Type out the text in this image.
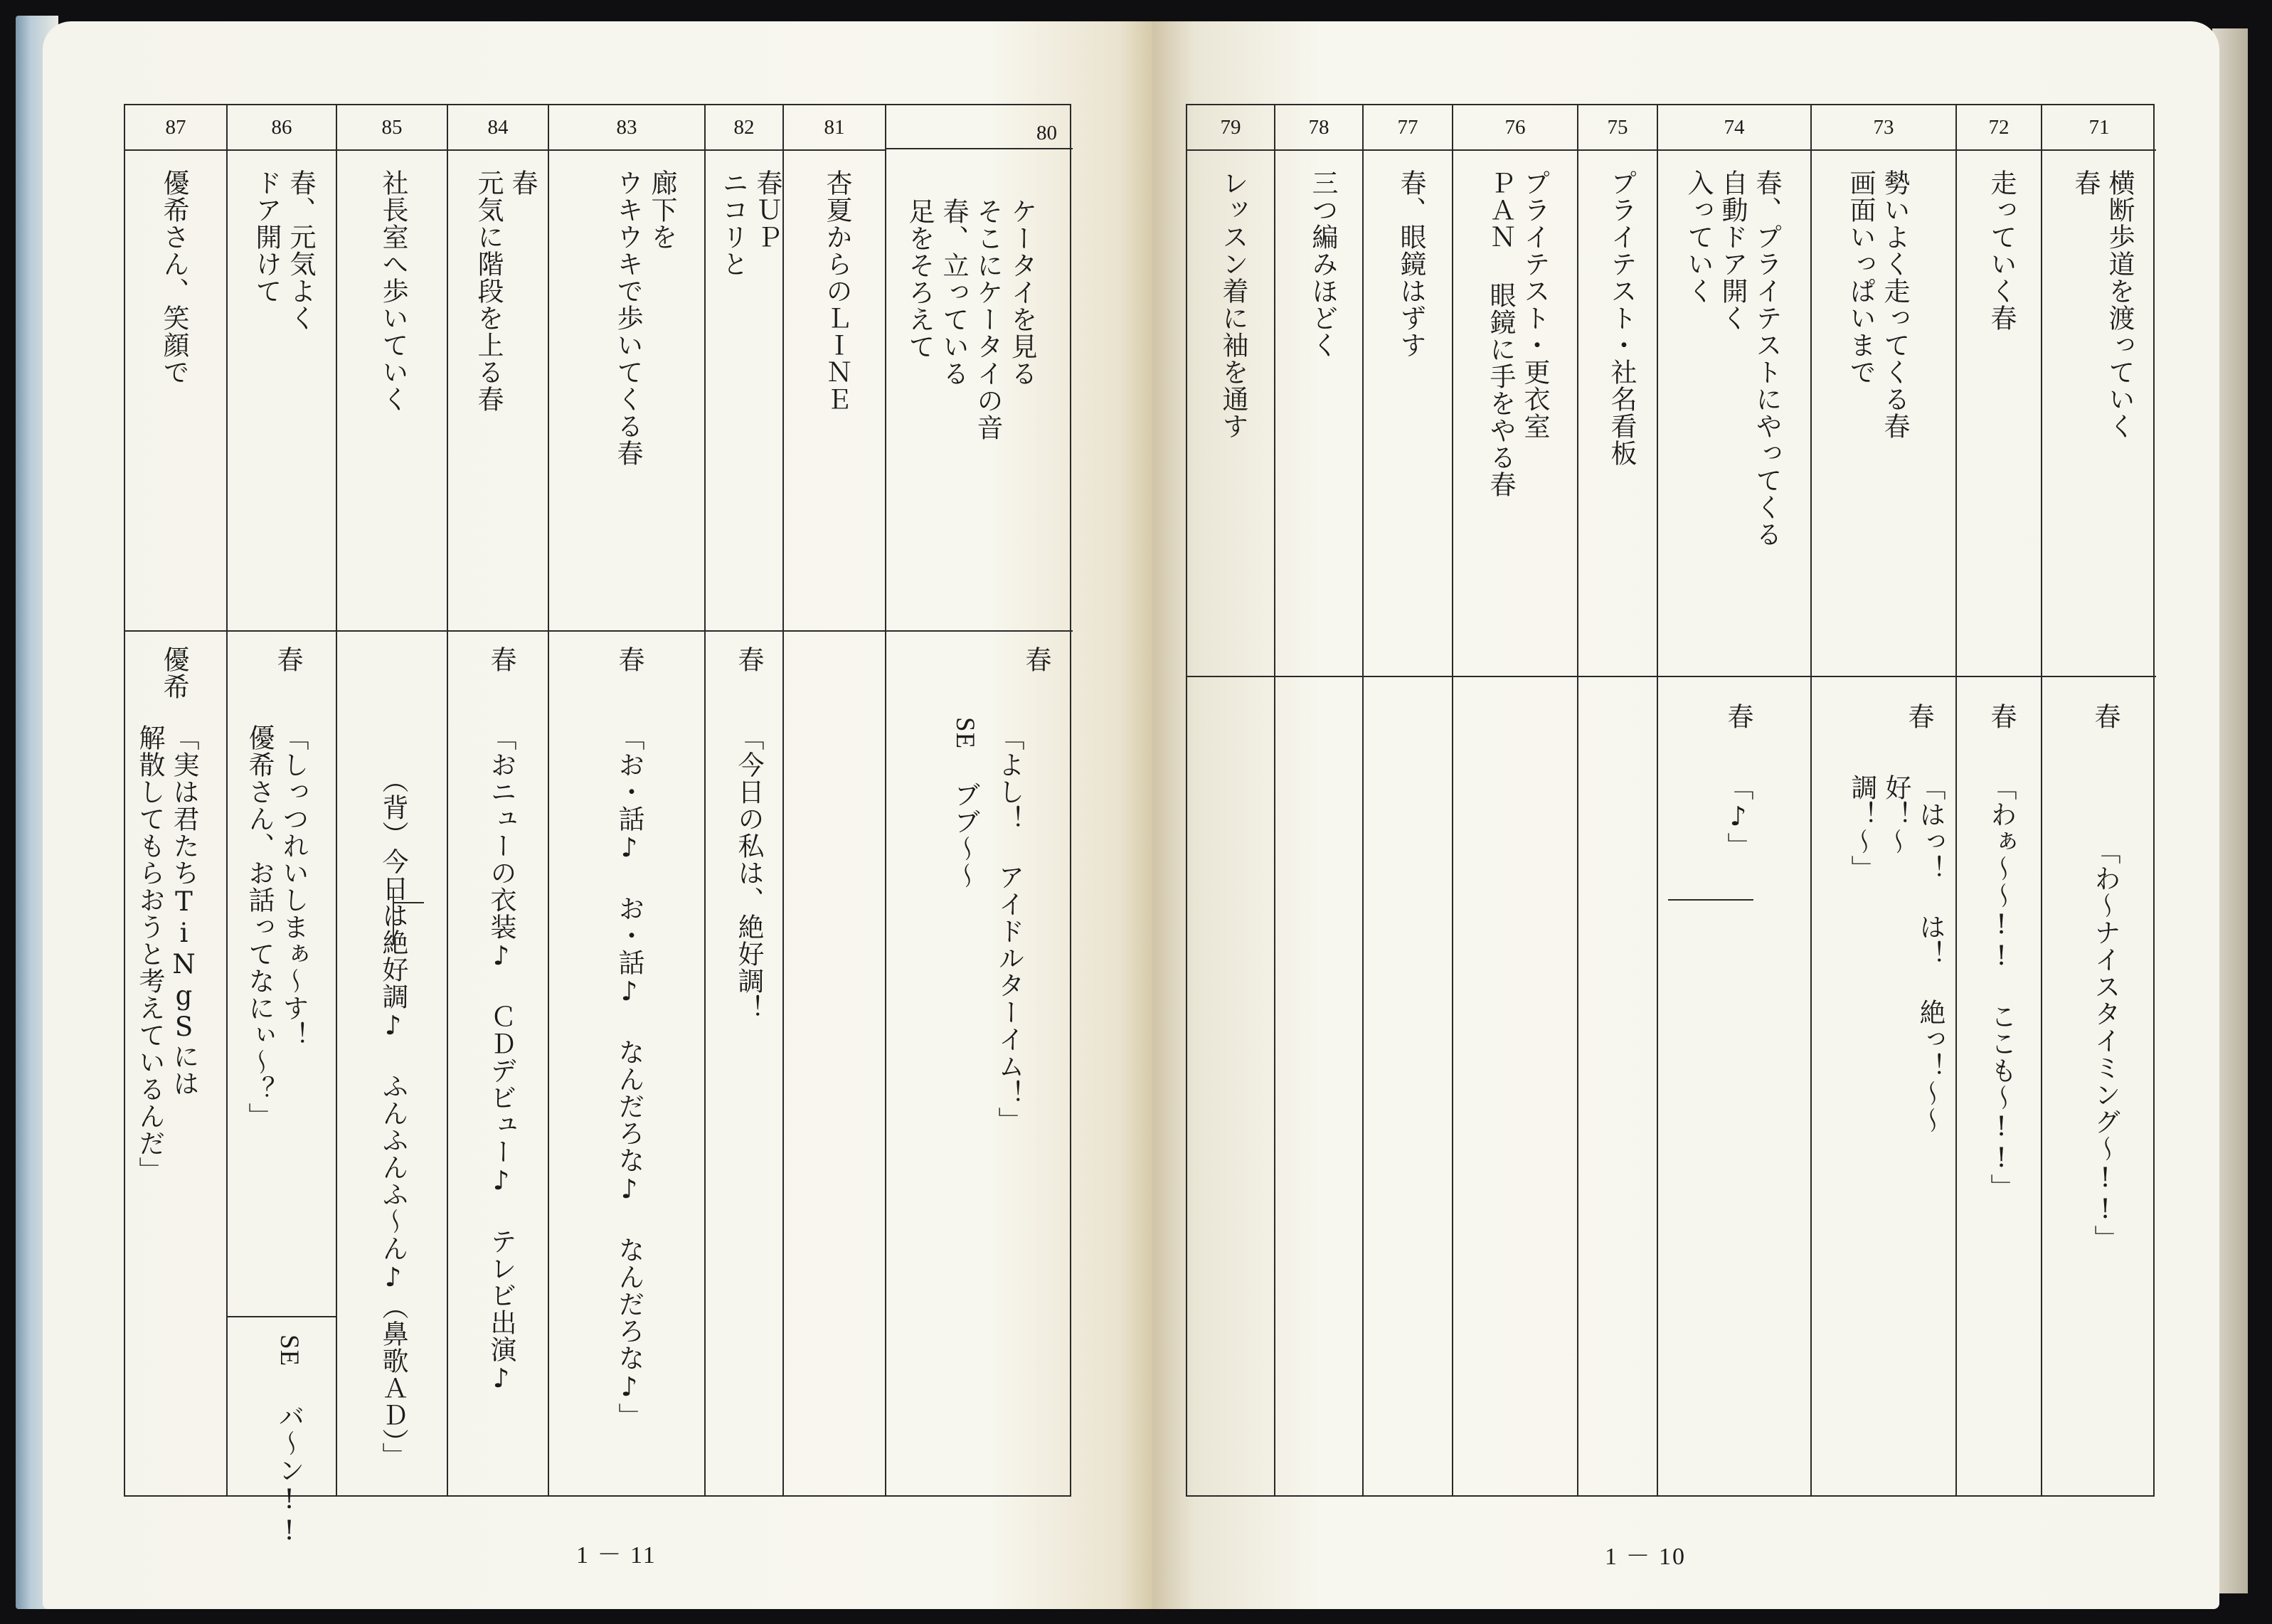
87
優希さん、笑顔で
優希
「実は君たちTiNgSには
解散してもらおうと考えているんだ」
86
春、元気よく
ドア開けて
春
「しっつれいしまぁ～す！
優希さん、お話ってなにぃ～？」
SE
バ～ン!!
85
社長室へ歩いていく
（背）今日は絶好調♪ ふんふんふ～ん♪（鼻歌ＡＤ）」
84
春
元気に階段を上る春
春
「おニューの衣装♪ ＣＤデビュー♪ テレビ出演♪
83
廊下を
ウキウキで歩いてくる春
春
「お・話♪ お・話♪ なんだろな♪ なんだろな♪」
82
春ＵＰ
ニコリと
春
「今日の私は、絶好調！
81
杏夏からのＬＩＮＥ
80
ケータイを見る
そこにケータイの音
春、立っている
足をそろえて
春
SE
ブブ～～ 「よし！ アイドルターイム！」
1 － 11
79
レッスン着に袖を通す
78
三つ編みほどく
77
春、眼鏡はずす
76
プライテスト・更衣室
ＰＡＮ 眼鏡に手をやる春
75
プライテスト・社名看板
74
春、プライテストにやってくる
自動ドア開く
入っていく
春
「♪」
73
勢いよく走ってくる春
画面いっぱいまで
春
「はっ！ は！ 絶っ！～～
好！～
調！～」
72
走っていく春
春
「わぁ～～!! ここも～!!」
71
横断歩道を渡っていく
春
春
「わ～ナイスタイミング～!!」
1 － 10
